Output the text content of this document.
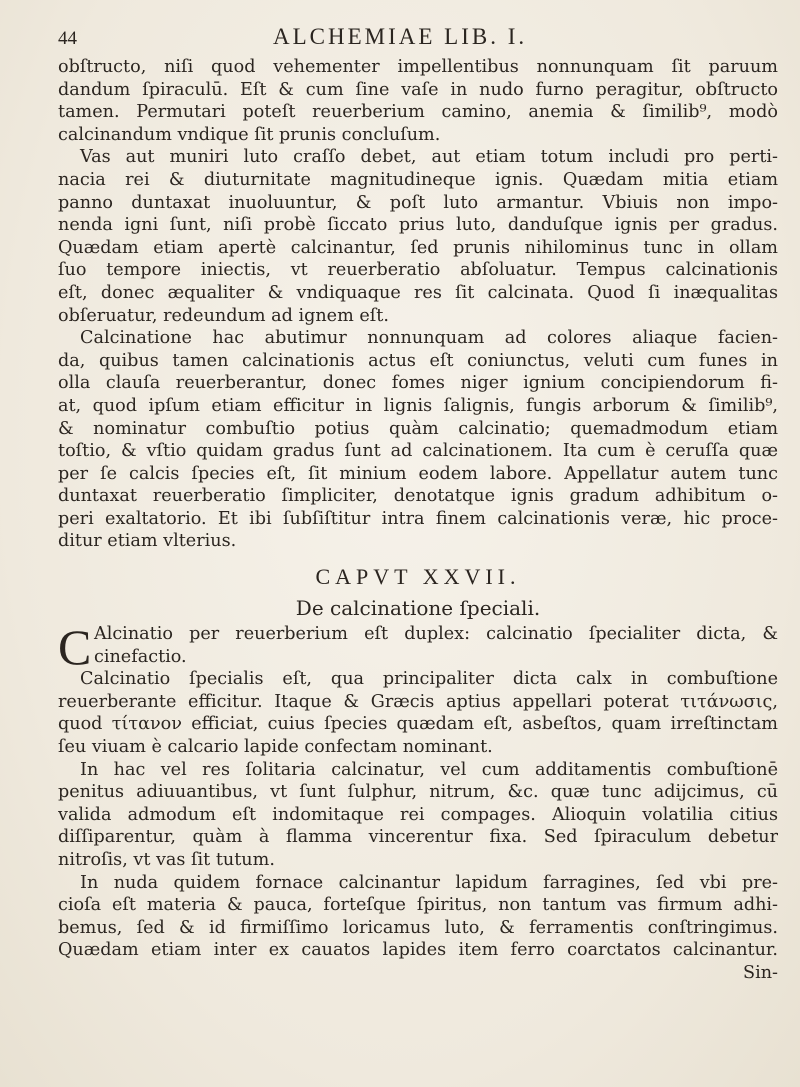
44	ALCHEMIAE LIB. I.
obſtructo, niſi quod vehementer impellentibus nonnunquam ſit paruum
dandum ſpiraculū. Eſt & cum ſine vaſe in nudo furno peragitur, obſtructo
tamen. Permutari poteſt reuerberium camino, anemia & ſimilib⁹, modò
calcinandum vndique ſit prunis concluſum.
Vas aut muniri luto craſſo debet, aut etiam totum includi pro perti-
nacia rei & diuturnitate magnitudineque ignis. Quædam mitia etiam
panno duntaxat inuoluuntur, & poſt luto armantur. Vbiuis non impo-
nenda igni ſunt, niſi probè ſiccato prius luto, danduſque ignis per gradus.
Quædam etiam apertè calcinantur, ſed prunis nihilominus tunc in ollam
ſuo tempore iniectis, vt reuerberatio abſoluatur. Tempus calcinationis
eſt, donec æqualiter & vndiquaque res ſit calcinata. Quod ſi inæqualitas
obſeruatur, redeundum ad ignem eſt.
Calcinatione hac abutimur nonnunquam ad colores aliaque facien-
da, quibus tamen calcinationis actus eſt coniunctus, veluti cum funes in
olla clauſa reuerberantur, donec fomes niger ignium concipiendorum fi-
at, quod ipſum etiam efficitur in lignis ſalignis, fungis arborum & ſimilib⁹,
& nominatur combuſtio potius quàm calcinatio; quemadmodum etiam
toſtio, & vſtio quidam gradus ſunt ad calcinationem. Ita cum è ceruſſa quæ
per ſe calcis ſpecies eſt, ſit minium eodem labore. Appellatur autem tunc
duntaxat reuerberatio ſimpliciter, denotatque ignis gradum adhibitum o-
peri exaltatorio. Et ibi ſubſiſtitur intra finem calcinationis veræ, hic proce-
ditur etiam vlterius.
CAPVT XXVII.
De calcinatione ſpeciali.
C Alcinatio per reuerberium eſt duplex: calcinatio ſpecialiter dicta, &
cinefactio.
Calcinatio ſpecialis eſt, qua principaliter dicta calx in combuſtione
reuerberante efficitur. Itaque & Græcis aptius appellari poterat τιτάνωσις,
quod τίτανον efficiat, cuius ſpecies quædam eſt, asbeſtos, quam irreſtinctam
ſeu viuam è calcario lapide confectam nominant.
In hac vel res ſolitaria calcinatur, vel cum additamentis combuſtionē
penitus adiuuantibus, vt ſunt ſulphur, nitrum, &c. quæ tunc adijcimus, cū
valida admodum eſt indomitaque rei compages. Alioquin volatilia citius
diſſiparentur, quàm à flamma vincerentur fixa. Sed ſpiraculum debetur
nitroſis, vt vas ſit tutum.
In nuda quidem fornace calcinantur lapidum farragines, ſed vbi pre-
cioſa eſt materia & pauca, forteſque ſpiritus, non tantum vas firmum adhi-
bemus, ſed & id firmiſſimo loricamus luto, & ferramentis conſtringimus.
Quædam etiam inter ex cauatos lapides item ferro coarctatos calcinantur.
Sin-
